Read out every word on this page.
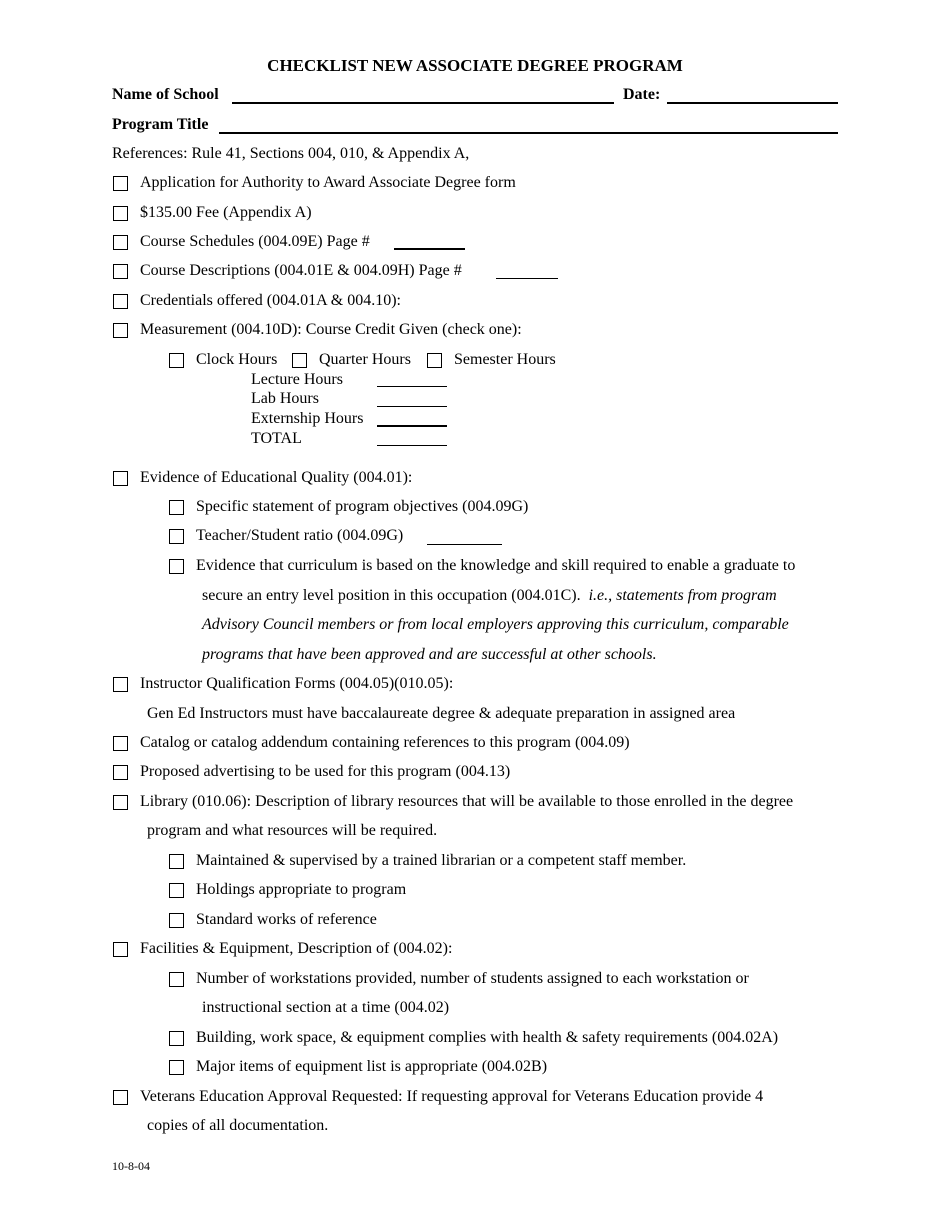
CHECKLIST NEW ASSOCIATE DEGREE PROGRAM
Name of School	Date:
Program Title
References: Rule 41, Sections 004, 010, & Appendix A,
Application for Authority to Award Associate Degree form
$135.00 Fee (Appendix A)
Course Schedules (004.09E) Page #
Course Descriptions (004.01E & 004.09H) Page #
Credentials offered (004.01A & 004.10):
Measurement (004.10D): Course Credit Given (check one):
Clock Hours	Quarter Hours	Semester Hours
Lecture Hours
Lab Hours
Externship Hours
TOTAL
Evidence of Educational Quality (004.01):
Specific statement of program objectives (004.09G)
Teacher/Student ratio (004.09G)
Evidence that curriculum is based on the knowledge and skill required to enable a graduate to
secure an entry level position in this occupation (004.01C). i.e., statements from program
Advisory Council members or from local employers approving this curriculum, comparable
programs that have been approved and are successful at other schools.
Instructor Qualification Forms (004.05)(010.05):
Gen Ed Instructors must have baccalaureate degree & adequate preparation in assigned area
Catalog or catalog addendum containing references to this program (004.09)
Proposed advertising to be used for this program (004.13)
Library (010.06): Description of library resources that will be available to those enrolled in the degree
program and what resources will be required.
Maintained & supervised by a trained librarian or a competent staff member.
Holdings appropriate to program
Standard works of reference
Facilities & Equipment, Description of (004.02):
Number of workstations provided, number of students assigned to each workstation or
instructional section at a time (004.02)
Building, work space, & equipment complies with health & safety requirements (004.02A)
Major items of equipment list is appropriate (004.02B)
Veterans Education Approval Requested: If requesting approval for Veterans Education provide 4
copies of all documentation.
10-8-04
